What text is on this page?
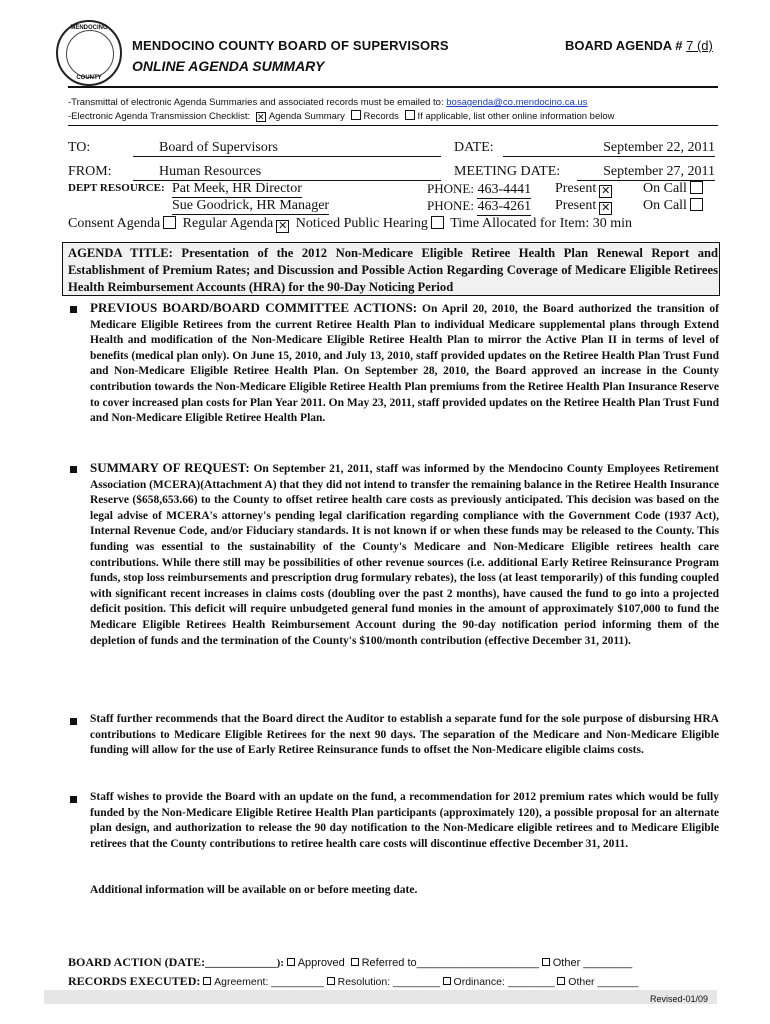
MENDOCINO
COUNTY
MENDOCINO COUNTY BOARD OF SUPERVISORS
ONLINE AGENDA SUMMARY
BOARD AGENDA # 7 (d)
-Transmittal of electronic Agenda Summaries and associated records must be emailed to: bosagenda@co.mendocino.ca.us
-Electronic Agenda Transmission Checklist: ✕ Agenda Summary Records If applicable, list other online information below
TO:	Board of Supervisors	DATE:	September 22, 2011
FROM:	Human Resources	MEETING DATE:	September 27, 2011
DEPT RESOURCE: Pat Meek, HR Director
Sue Goodrick, HR Manager
PHONE: 463-4441 Present ✕	On Call
PHONE: 463-4261 Present ✕	On Call
Consent Agenda Regular Agenda ✕ Noticed Public Hearing Time Allocated for Item: 30 min
AGENDA TITLE: Presentation of the 2012 Non-Medicare Eligible Retiree Health Plan Renewal Report and Establishment of Premium Rates; and Discussion and Possible Action Regarding Coverage of Medicare Eligible Retirees Health Reimbursement Accounts (HRA) for the 90-Day Noticing Period
PREVIOUS BOARD/BOARD COMMITTEE ACTIONS: On April 20, 2010, the Board authorized the transition of Medicare Eligible Retirees from the current Retiree Health Plan to individual Medicare supplemental plans through Extend Health and modification of the Non-Medicare Eligible Retiree Health Plan to mirror the Active Plan II in terms of level of benefits (medical plan only). On June 15, 2010, and July 13, 2010, staff provided updates on the Retiree Health Plan Trust Fund and Non-Medicare Eligible Retiree Health Plan. On September 28, 2010, the Board approved an increase in the County contribution towards the Non-Medicare Eligible Retiree Health Plan premiums from the Retiree Health Plan Insurance Reserve to cover increased plan costs for Plan Year 2011. On May 23, 2011, staff provided updates on the Retiree Health Plan Trust Fund and Non-Medicare Eligible Retiree Health Plan.
SUMMARY OF REQUEST: On September 21, 2011, staff was informed by the Mendocino County Employees Retirement Association (MCERA)(Attachment A) that they did not intend to transfer the remaining balance in the Retiree Health Insurance Reserve ($658,653.66) to the County to offset retiree health care costs as previously anticipated. This decision was based on the legal advise of MCERA's attorney's pending legal clarification regarding compliance with the Government Code (1937 Act), Internal Revenue Code, and/or Fiduciary standards. It is not known if or when these funds may be released to the County. This funding was essential to the sustainability of the County's Medicare and Non-Medicare Eligible retirees health care contributions. While there still may be possibilities of other revenue sources (i.e. additional Early Retiree Reinsurance Program funds, stop loss reimbursements and prescription drug formulary rebates), the loss (at least temporarily) of this funding coupled with significant recent increases in claims costs (doubling over the past 2 months), have caused the fund to go into a projected deficit position. This deficit will require unbudgeted general fund monies in the amount of approximately $107,000 to fund the Medicare Eligible Retirees Health Reimbursement Account during the 90-day notification period informing them of the depletion of funds and the termination of the County's $100/month contribution (effective December 31, 2011).
Staff further recommends that the Board direct the Auditor to establish a separate fund for the sole purpose of disbursing HRA contributions to Medicare Eligible Retirees for the next 90 days. The separation of the Medicare and Non-Medicare Eligible funding will allow for the use of Early Retiree Reinsurance funds to offset the Non-Medicare eligible claims costs.
Staff wishes to provide the Board with an update on the fund, a recommendation for 2012 premium rates which would be fully funded by the Non-Medicare Eligible Retiree Health Plan participants (approximately 120), a possible proposal for an alternate plan design, and authorization to release the 90 day notification to the Non-Medicare eligible retirees and to Medicare Eligible retirees that the County contributions to retiree health care costs will discontinue effective December 31, 2011.
Additional information will be available on or before meeting date.
BOARD ACTION (DATE:_____________): Approved Referred to____________________ Other ________
RECORDS EXECUTED: Agreement: _________ Resolution: ________ Ordinance: ________ Other _______
Revised-01/09
